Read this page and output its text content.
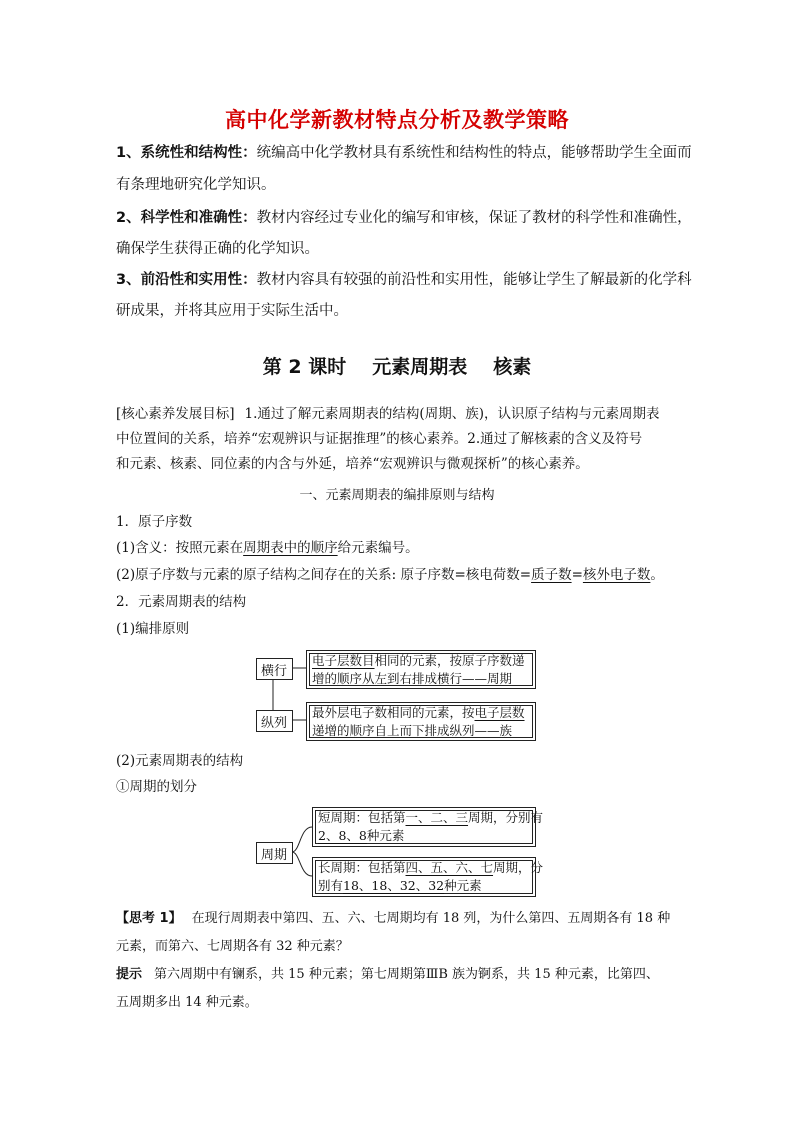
高中化学新教材特点分析及教学策略
1、系统性和结构性：统编高中化学教材具有系统性和结构性的特点，能够帮助学生全面而
有条理地研究化学知识。
2、科学性和准确性：教材内容经过专业化的编写和审核，保证了教材的科学性和准确性，
确保学生获得正确的化学知识。
3、前沿性和实用性：教材内容具有较强的前沿性和实用性，能够让学生了解最新的化学科
研成果，并将其应用于实际生活中。
第 2 课时 元素周期表 核素
[核心素养发展目标] 1.通过了解元素周期表的结构(周期、族)，认识原子结构与元素周期表
中位置间的关系，培养“宏观辨识与证据推理”的核心素养。2.通过了解核素的含义及符号
和元素、核素、同位素的内含与外延，培养“宏观辨识与微观探析”的核心素养。
一、元素周期表的编排原则与结构
1．原子序数
(1)含义：按照元素在周期表中的顺序给元素编号。
(2)原子序数与元素的原子结构之间存在的关系: 原子序数=核电荷数=质子数=核外电子数。
2．元素周期表的结构
(1)编排原则
横行
纵列
电子层数目相同的元素，按原子序数递
增的顺序从左到右排成横行——周期
最外层电子数相同的元素，按电子层数
递增的顺序自上而下排成纵列——族
(2)元素周期表的结构
①周期的划分
周期
短周期：包括第一、二、三周期，分别有
2、8、8种元素
长周期：包括第四、五、六、七周期，分
别有18、18、32、32种元素
【思考 1】 在现行周期表中第四、五、六、七周期均有 18 列，为什么第四、五周期各有 18 种
元素，而第六、七周期各有 32 种元素？
提示 第六周期中有镧系，共 15 种元素；第七周期第ⅢB 族为锕系，共 15 种元素，比第四、
五周期多出 14 种元素。
